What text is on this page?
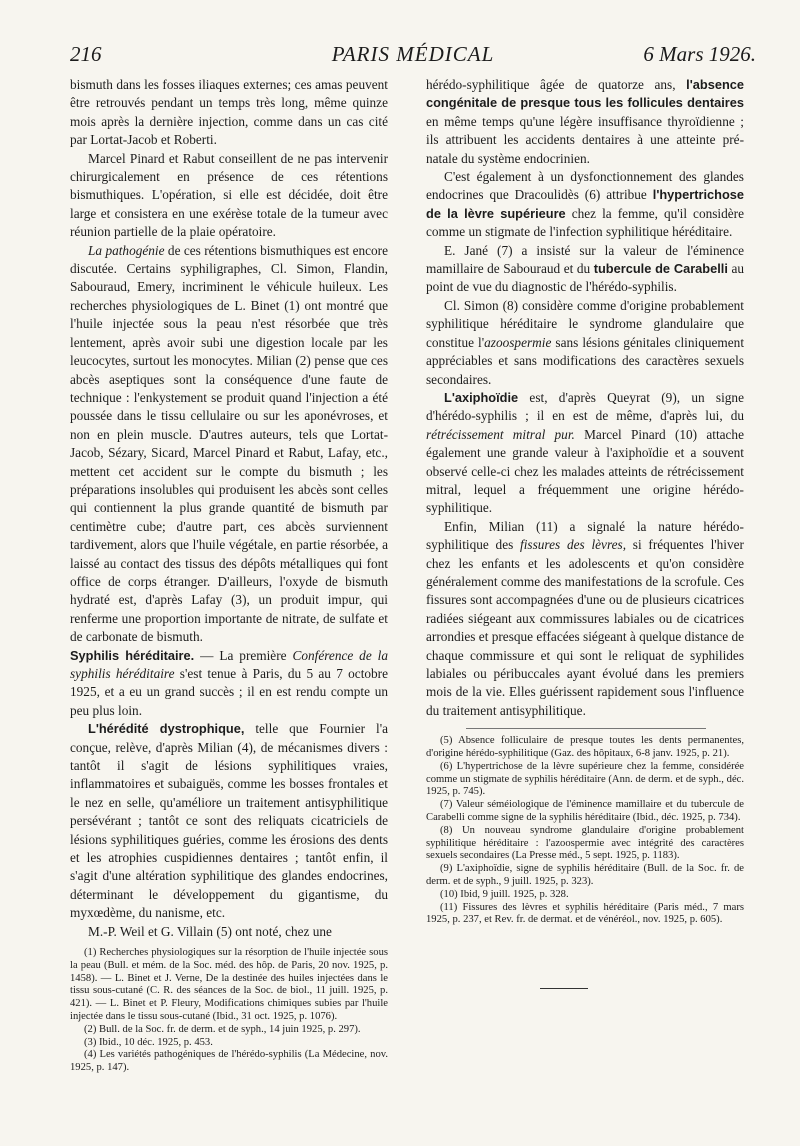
216	PARIS MÉDICAL	6 Mars 1926.

bismuth dans les fosses iliaques externes; ces amas peuvent être retrouvés pendant un temps très long, même quinze mois après la dernière injection, comme dans un cas cité par Lortat-Jacob et Roberti.

Marcel Pinard et Rabut conseillent de ne pas intervenir chirurgicalement en présence de ces rétentions bismuthiques. L'opération, si elle est décidée, doit être large et consistera en une exérèse totale de la tumeur avec réunion partielle de la plaie opératoire.

La pathogénie de ces rétentions bismuthiques est encore discutée. Certains syphiligraphes, Cl. Simon, Flandin, Sabouraud, Emery, incriminent le véhicule huileux. Les recherches physiologiques de L. Binet (1) ont montré que l'huile injectée sous la peau n'est résorbée que très lentement, après avoir subi une digestion locale par les leucocytes, surtout les monocytes. Milian (2) pense que ces abcès aseptiques sont la conséquence d'une faute de technique : l'enkystement se produit quand l'injection a été poussée dans le tissu cellulaire ou sur les aponévroses, et non en plein muscle. D'autres auteurs, tels que Lortat-Jacob, Sézary, Sicard, Marcel Pinard et Rabut, Lafay, etc., mettent cet accident sur le compte du bismuth ; les préparations insolubles qui produisent les abcès sont celles qui contiennent la plus grande quantité de bismuth par centimètre cube; d'autre part, ces abcès surviennent tardivement, alors que l'huile végétale, en partie résorbée, a laissé au contact des tissus des dépôts métalliques qui font office de corps étranger. D'ailleurs, l'oxyde de bismuth hydraté est, d'après Lafay (3), un produit impur, qui renferme une proportion importante de nitrate, de sulfate et de carbonate de bismuth.

Syphilis héréditaire. — La première Conférence de la syphilis héréditaire s'est tenue à Paris, du 5 au 7 octobre 1925, et a eu un grand succès ; il en est rendu compte un peu plus loin.

L'hérédité dystrophique, telle que Fournier l'a conçue, relève, d'après Milian (4), de mécanismes divers : tantôt il s'agit de lésions syphilitiques vraies, inflammatoires et subaiguës, comme les bosses frontales et le nez en selle, qu'améliore un traitement antisyphilitique persévérant ; tantôt ce sont des reliquats cicatriciels de lésions syphilitiques guéries, comme les érosions des dents et les atrophies cuspidiennes dentaires ; tantôt enfin, il s'agit d'une altération syphilitique des glandes endocrines, déterminant le développement du gigantisme, du myxœdème, du nanisme, etc.

M.-P. Weil et G. Villain (5) ont noté, chez une

(1) Recherches physiologiques sur la résorption de l'huile injectée sous la peau (Bull. et mém. de la Soc. méd. des hôp. de Paris, 20 nov. 1925, p. 1458). — L. Binet et J. Verne, De la destinée des huiles injectées dans le tissu sous-cutané (C. R. des séances de la Soc. de biol., 11 juill. 1925, p. 421). — L. Binet et P. Fleury, Modifications chimiques subies par l'huile injectée dans le tissu sous-cutané (Ibid., 31 oct. 1925, p. 1076).

(2) Bull. de la Soc. fr. de derm. et de syph., 14 juin 1925, p. 297).

(3) Ibid., 10 déc. 1925, p. 453.

(4) Les variétés pathogéniques de l'hérédo-syphilis (La Médecine, nov. 1925, p. 147).

hérédo-syphilitique âgée de quatorze ans, l'absence congénitale de presque tous les follicules dentaires en même temps qu'une légère insuffisance thyroïdienne ; ils attribuent les accidents dentaires à une atteinte pré-natale du système endocrinien.

C'est également à un dysfonctionnement des glandes endocrines que Dracoulidès (6) attribue l'hypertrichose de la lèvre supérieure chez la femme, qu'il considère comme un stigmate de l'infection syphilitique héréditaire.

E. Jané (7) a insisté sur la valeur de l'éminence mamillaire de Sabouraud et du tubercule de Carabelli au point de vue du diagnostic de l'hérédo-syphilis.

Cl. Simon (8) considère comme d'origine probablement syphilitique héréditaire le syndrome glandulaire que constitue l'azoospermie sans lésions génitales cliniquement appréciables et sans modifications des caractères sexuels secondaires.

L'axiphoïdie est, d'après Queyrat (9), un signe d'hérédo-syphilis ; il en est de même, d'après lui, du rétrécissement mitral pur. Marcel Pinard (10) attache également une grande valeur à l'axiphoïdie et a souvent observé celle-ci chez les malades atteints de rétrécissement mitral, lequel a fréquemment une origine hérédo-syphilitique.

Enfin, Milian (11) a signalé la nature hérédo-syphilitique des fissures des lèvres, si fréquentes l'hiver chez les enfants et les adolescents et qu'on considère généralement comme des manifestations de la scrofule. Ces fissures sont accompagnées d'une ou de plusieurs cicatrices radiées siégeant aux commissures labiales ou de cicatrices arrondies et presque effacées siégeant à quelque distance de chaque commissure et qui sont le reliquat de syphilides labiales ou péribuccales ayant évolué dans les premiers mois de la vie. Elles guérissent rapidement sous l'influence du traitement antisyphilitique.

(5) Absence folliculaire de presque toutes les dents permanentes, d'origine hérédo-syphilitique (Gaz. des hôpitaux, 6-8 janv. 1925, p. 21).

(6) L'hypertrichose de la lèvre supérieure chez la femme, considérée comme un stigmate de syphilis héréditaire (Ann. de derm. et de syph., déc. 1925, p. 745).

(7) Valeur séméiologique de l'éminence mamillaire et du tubercule de Carabelli comme signe de la syphilis héréditaire (Ibid., déc. 1925, p. 734).

(8) Un nouveau syndrome glandulaire d'origine probablement syphilitique héréditaire : l'azoospermie avec intégrité des caractères sexuels secondaires (La Presse méd., 5 sept. 1925, p. 1183).

(9) L'axiphoïdie, signe de syphilis héréditaire (Bull. de la Soc. fr. de derm. et de syph., 9 juill. 1925, p. 323).

(10) Ibid, 9 juill. 1925, p. 328.

(11) Fissures des lèvres et syphilis héréditaire (Paris méd., 7 mars 1925, p. 237, et Rev. fr. de dermat. et de vénéréol., nov. 1925, p. 605).
